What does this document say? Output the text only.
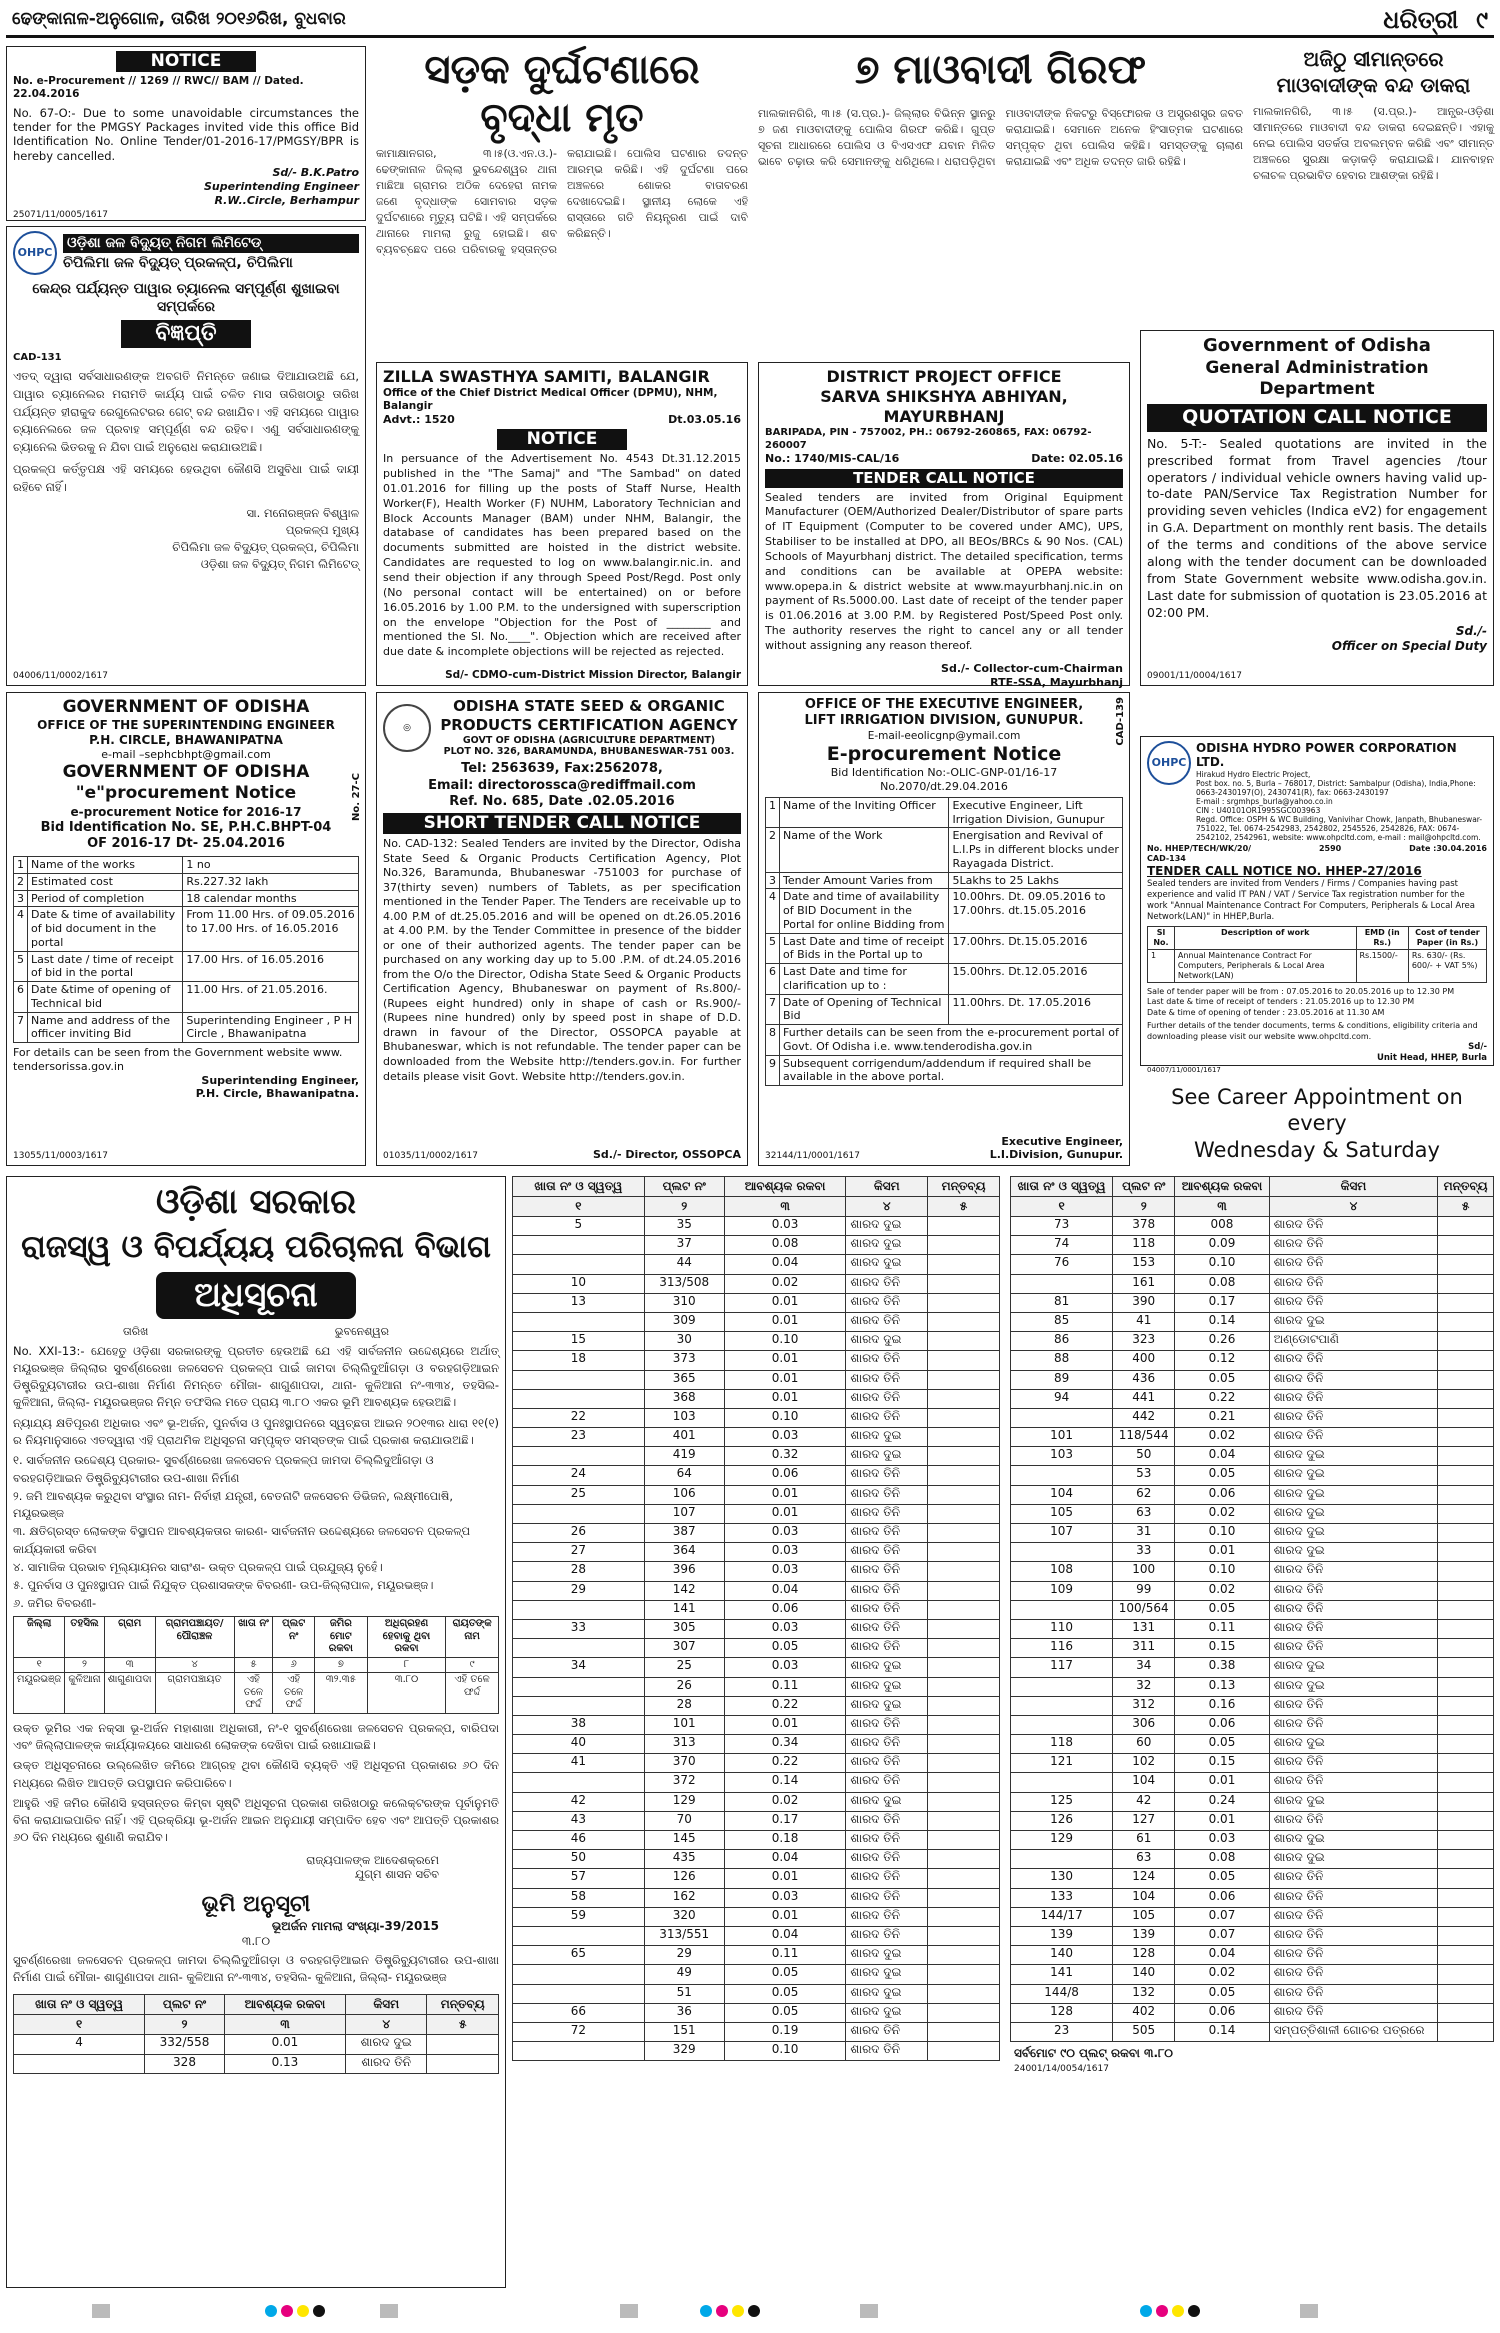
ଢେଙ୍କାନାଳ-ଅନୁଗୋଳ, ତାରିଖ ୨୦୧୬ରିଖ, ବୁଧବାର	ଧରିତ୍ରୀ ୯
NOTICE
No. e-Procurement // 1269 // RWC// BAM // Dated. 22.04.2016
No. 67-O:- Due to some unavoidable circumstances the tender for the PMGSY Packages invited vide this office Bid Identification No. Online Tender/01-2016-17/PMGSY/BPR is hereby cancelled.
Sd/- B.K.Patro
Superintending Engineer
R.W..Circle, Berhampur
25071/11/0005/1617
ସଡ଼କ ଦୁର୍ଘଟଣାରେ ବୃଦ୍ଧା ମୃତ
କାମାକ୍ଷାନଗର, ୩।୫(ଓ.ଏନ.ଓ.)- ଢେଙ୍କାନାଳ ଜିଲ୍ଲା ଭୁବନ୍ଦେଶ୍ୱର ଥାନା ମାଛିଆ ଗ୍ରାମର ଅଠିକ ଦେହେରା ନାମକ ଜଣେ ବୃଦ୍ଧାଙ୍କ ସୋମବାର ସଡ଼କ ଦୁର୍ଘଟଣାରେ ମୃତ୍ୟୁ ଘଟିଛି। ଏହି ସମ୍ପର୍କରେ ଥାନାରେ ମାମଲା ରୁଜୁ ହୋଇଛି। ଶବ ବ୍ୟବଚ୍ଛେଦ ପରେ ପରିବାରକୁ ହସ୍ତାନ୍ତର କରାଯାଇଛି। ପୋଲିସ ଘଟଣାର ତଦନ୍ତ ଆରମ୍ଭ କରିଛି। ଏହି ଦୁର୍ଘଟଣା ପରେ ଅଞ୍ଚଳରେ ଶୋକର ବାତାବରଣ ଦେଖାଦେଇଛି। ସ୍ଥାନୀୟ ଲୋକେ ଏହି ରାସ୍ତାରେ ଗତି ନିୟନ୍ତ୍ରଣ ପାଇଁ ଦାବି କରିଛନ୍ତି।
୭ ମାଓବାଦୀ ଗିରଫ
ମାଲକାନଗିରି, ୩।୫ (ସ.ପ୍ର.)- ଜିଲ୍ଲାର ବିଭିନ୍ନ ସ୍ଥାନରୁ ୭ ଜଣ ମାଓବାଦୀଙ୍କୁ ପୋଲିସ ଗିରଫ କରିଛି। ଗୁପ୍ତ ସୂଚନା ଆଧାରରେ ପୋଲିସ ଓ ବିଏସଏଫ ଯବାନ ମିଳିତ ଭାବେ ଚଢ଼ାଉ କରି ସେମାନଙ୍କୁ ଧରିଥିଲେ। ଧରାପଡ଼ିଥିବା ମାଓବାଦୀଙ୍କ ନିକଟରୁ ବିସ୍ଫୋରକ ଓ ଅସ୍ତ୍ରଶସ୍ତ୍ର ଜବତ କରାଯାଇଛି। ସେମାନେ ଅନେକ ହିଂସାତ୍ମକ ଘଟଣାରେ ସମ୍ପୃକ୍ତ ଥିବା ପୋଲିସ କହିଛି। ସମସ୍ତଙ୍କୁ ଚାଲାଣ କରାଯାଇଛି ଏବଂ ଅଧିକ ତଦନ୍ତ ଜାରି ରହିଛି।
ଅଜିଠୁ ସୀମାନ୍ତରେ ମାଓବାଦୀଙ୍କ ବନ୍ଦ ଡାକରା
ମାଲକାନଗିରି, ୩।୫ (ସ.ପ୍ର.)- ଆନ୍ଧ୍ର-ଓଡ଼ିଶା ସୀମାନ୍ତରେ ମାଓବାଦୀ ବନ୍ଦ ଡାକରା ଦେଇଛନ୍ତି। ଏହାକୁ ନେଇ ପୋଲିସ ସତର୍କତା ଅବଲମ୍ବନ କରିଛି ଏବଂ ସୀମାନ୍ତ ଅଞ୍ଚଳରେ ସୁରକ୍ଷା କଡ଼ାକଡ଼ି କରାଯାଇଛି। ଯାନବାହନ ଚଳାଚଳ ପ୍ରଭାବିତ ହେବାର ଆଶଙ୍କା ରହିଛି।
OHPC
ଓଡ଼ିଶା ଜଳ ବିଦ୍ୟୁତ୍ ନିଗମ ଲିମିଟେଡ୍
ଚିପିଲିମା ଜଳ ବିଦ୍ୟୁତ୍ ପ୍ରକଳ୍ପ, ଚିପିଲିମା
କେନ୍ଦ୍ର ପର୍ଯ୍ୟନ୍ତ ପାୱାର ଚ୍ୟାନେଲ ସମ୍ପୂର୍ଣ୍ଣ ଶୁଖାଇବା ସମ୍ପର୍କରେ
ବିଜ୍ଞପ୍ତି
CAD-131
ଏତଦ୍ ଦ୍ୱାରା ସର୍ବସାଧାରଣଙ୍କ ଅବଗତି ନିମନ୍ତେ ଜଣାଇ ଦିଆଯାଉଅଛି ଯେ, ପାୱାର ଚ୍ୟାନେଲର ମରାମତି କାର୍ଯ୍ୟ ପାଇଁ ଚଳିତ ମାସ ତାରିଖଠାରୁ ତାରିଖ ପର୍ଯ୍ୟନ୍ତ ହୀରାକୁଦ ରେଗୁଲେଟରର ଗେଟ୍ ବନ୍ଦ ରଖାଯିବ। ଏହି ସମୟରେ ପାୱାର ଚ୍ୟାନେଲରେ ଜଳ ପ୍ରବାହ ସମ୍ପୂର୍ଣ୍ଣ ବନ୍ଦ ରହିବ। ଏଣୁ ସର୍ବସାଧାରଣଙ୍କୁ ଚ୍ୟାନେଲ ଭିତରକୁ ନ ଯିବା ପାଇଁ ଅନୁରୋଧ କରାଯାଉଅଛି।
ପ୍ରକଳ୍ପ କର୍ତ୍ତୃପକ୍ଷ ଏହି ସମୟରେ ହେଉଥିବା କୌଣସି ଅସୁବିଧା ପାଇଁ ଦାୟୀ ରହିବେ ନାହିଁ।
ସା. ମନୋରଞ୍ଜନ ବିଶ୍ୱାଳ
ପ୍ରକଳ୍ପ ମୁଖ୍ୟ
ଚିପିଲିମା ଜଳ ବିଦ୍ୟୁତ୍ ପ୍ରକଳ୍ପ, ଚିପିଲିମା
ଓଡ଼ିଶା ଜଳ ବିଦ୍ୟୁତ୍ ନିଗମ ଲିମିଟେଡ୍
04006/11/0002/1617
ZILLA SWASTHYA SAMITI, BALANGIR
Office of the Chief District Medical Officer (DPMU), NHM, Balangir
Advt.: 1520	Dt.03.05.16
NOTICE
In persuance of the Advertisement No. 4543 Dt.31.12.2015 published in the "The Samaj" and "The Sambad" on dated 01.01.2016 for filling up the posts of Staff Nurse, Health Worker(F), Health Worker (F) NUHM, Laboratory Technician and Block Accounts Manager (BAM) under NHM, Balangir, the database of candidates has been prepared based on the documents submitted are hoisted in the district website. Candidates are requested to log on www.balangir.nic.in. and send their objection if any through Speed Post/Regd. Post only (No personal contact will be entertained) on or before 16.05.2016 by 1.00 P.M. to the undersigned with superscription on the envelope "Objection for the Post of ________ and mentioned the Sl. No.____". Objection which are received after due date & incomplete objections will be rejected as rejected.
Sd/- CDMO-cum-District Mission Director, Balangir
DISTRICT PROJECT OFFICE
SARVA SHIKSHYA ABHIYAN, MAYURBHANJ
BARIPADA, PIN - 757002, PH.: 06792-260865, FAX: 06792-260007
No.: 1740/MIS-CAL/16	Date: 02.05.16
TENDER CALL NOTICE
Sealed tenders are invited from Original Equipment Manufacturer (OEM/Authorized Dealer/Distributor of spare parts of IT Equipment (Computer to be covered under AMC), UPS, Stabiliser to be installed at DPO, all BEOs/BRCs & 90 Nos. (CAL) Schools of Mayurbhanj district. The detailed specification, terms and conditions can be available at OPEPA website: www.opepa.in & district website at www.mayurbhanj.nic.in on payment of Rs.5000.00. Last date of receipt of the tender paper is 01.06.2016 at 3.00 P.M. by Registered Post/Speed Post only. The authority reserves the right to cancel any or all tender without assigning any reason thereof.
Sd./- Collector-cum-Chairman
RTE-SSA, Mayurbhanj
Government of Odisha
General Administration Department
QUOTATION CALL NOTICE
No. 5-T:- Sealed quotations are invited in the prescribed format from Travel agencies /tour operators / individual vehicle owners having valid up-to-date PAN/Service Tax Registration Number for providing seven vehicles (Indica eV2) for engagement in G.A. Department on monthly rent basis. The details of the terms and conditions of the above service along with the tender document can be downloaded from State Government website www.odisha.gov.in. Last date for submission of quotation is 23.05.2016 at 02:00 PM.
Sd./-
Officer on Special Duty
09001/11/0004/1617
GOVERNMENT OF ODISHA
OFFICE OF THE SUPERINTENDING ENGINEER
P.H. CIRCLE, BHAWANIPATNA
e-mail –sephcbhpt@gmail.com
GOVERNMENT OF ODISHA
"e"procurement Notice
e-procurement Notice for 2016-17
Bid Identification No. SE, P.H.C.BHPT-04
OF 2016-17 Dt- 25.04.2016
1	Name of the works	1 no
2	Estimated cost	Rs.227.32 lakh
3	Period of completion	18 calendar months
4	Date & time of availability of bid document in the portal	From 11.00 Hrs. of 09.05.2016 to 17.00 Hrs. of 16.05.2016
5	Last date / time of receipt of bid in the portal	17.00 Hrs. of 16.05.2016
6	Date &time of opening of Technical bid	11.00 Hrs. of 21.05.2016.
7	Name and address of the officer inviting Bid	Superintending Engineer , P H Circle , Bhawanipatna
For details can be seen from the Government website www. tendersorissa.gov.in
Superintending Engineer,
P.H. Circle, Bhawanipatna.
13055/11/0003/1617
No. 27-C
◎
ODISHA STATE SEED & ORGANIC
PRODUCTS CERTIFICATION AGENCY
GOVT OF ODISHA (AGRICULTURE DEPARTMENT)
PLOT NO. 326, BARAMUNDA, BHUBANESWAR-751 003.
Tel: 2563639, Fax:2562078,
Email: directorossca@rediffmail.com
Ref. No. 685, Date .02.05.2016
SHORT TENDER CALL NOTICE
No. CAD-132: Sealed Tenders are invited by the Director, Odisha State Seed & Organic Products Certification Agency, Plot No.326, Baramunda, Bhubaneswar -751003 for purchase of 37(thirty seven) numbers of Tablets, as per specification mentioned in the Tender Paper. The Tenders are receivable up to 4.00 P.M of dt.25.05.2016 and will be opened on dt.26.05.2016 at 4.00 P.M. by the Tender Committee in presence of the bidder or one of their authorized agents. The tender paper can be purchased on any working day up to 5.00 .P.M. of dt.24.05.2016 from the O/o the Director, Odisha State Seed & Organic Products Certification Agency, Bhubaneswar on payment of Rs.800/- (Rupees eight hundred) only in shape of cash or Rs.900/- (Rupees nine hundred) only by speed post in shape of D.D. drawn in favour of the Director, OSSOPCA payable at Bhubaneswar, which is not refundable. The tender paper can be downloaded from the Website http://tenders.gov.in. For further details please visit Govt. Website http://tenders.gov.in.
01035/11/0002/1617	Sd./- Director, OSSOPCA
OFFICE OF THE EXECUTIVE ENGINEER,
LIFT IRRIGATION DIVISION, GUNUPUR.
E-mail-eeolicgnp@ymail.com
E-procurement Notice
Bid Identification No:-OLIC-GNP-01/16-17
No.2070/dt.29.04.2016
1	Name of the Inviting Officer	Executive Engineer, Lift Irrigation Division, Gunupur
2	Name of the Work	Energisation and Revival of L.I.Ps in different blocks under Rayagada District.
3	Tender Amount Varies from	5Lakhs to 25 Lakhs
4	Date and time of availability of BID Document in the Portal for online Bidding from	10.00hrs. Dt. 09.05.2016 to 17.00hrs. dt.15.05.2016
5	Last Date and time of receipt of Bids in the Portal up to	17.00hrs. Dt.15.05.2016
6	Last Date and time for clarification up to :	15.00hrs. Dt.12.05.2016
7	Date of Opening of Technical Bid	11.00hrs. Dt. 17.05.2016
8	Further details can be seen from the e-procurement portal of Govt. Of Odisha i.e. www.tenderodisha.gov.in	
9	Subsequent corrigendum/addendum if required shall be available in the above portal.	
32144/11/0001/1617
Executive Engineer,
L.I.Division, Gunupur.
CAD-139
OHPC
ODISHA HYDRO POWER CORPORATION LTD.
Hirakud Hydro Electric Project,
Post box. no. 5, Burla – 768017, District: Sambalpur (Odisha), India,Phone: 0663-2430197(O), 2430741(R), fax: 0663-2430197
E-mail : srgmhps_burla@yahoo.co.in
CIN : U40101OR1995SGC003963
Regd. Office: OSPH & WC Building, Vanivihar Chowk, Janpath, Bhubaneswar-751022, Tel. 0674-2542983, 2542802, 2545526, 2542826, FAX: 0674-2542102, 2542961, website: www.ohpcltd.com, e-mail : mail@ohpcltd.com.
No. HHEP/TECH/WK/20/	2590	Date :30.04.2016
CAD-134
TENDER CALL NOTICE NO. HHEP-27/2016
Sealed tenders are invited from Venders / Firms / Companies having past experience and valid IT PAN / VAT / Service Tax registration number for the work "Annual Maintenance Contract For Computers, Peripherals & Local Area Network(LAN)" in HHEP,Burla.
Sl No.	Description of work	EMD (in Rs.)	Cost of tender Paper (in Rs.)
1	Annual Maintenance Contract For Computers, Peripherals & Local Area Network(LAN)	Rs.1500/-	Rs. 630/- (Rs. 600/- + VAT 5%)
Sale of tender paper will be from : 07.05.2016 to 20.05.2016 up to 12.30 PM
Last date & time of receipt of tenders : 21.05.2016 up to 12.30 PM
Date & time of opening of tender : 23.05.2016 at 11.30 AM
Further details of the tender documents, terms & conditions, eligibility criteria and downloading please visit our website www.ohpcltd.com.
Sd/-
Unit Head, HHEP, Burla
04007/11/0001/1617
See Career Appointment on every
Wednesday & Saturday
ଓଡ଼ିଶା ସରକାର
ରାଜସ୍ୱ ଓ ବିପର୍ଯ୍ୟୟ ପରିଚାଳନା ବିଭାଗ
ଅଧିସୂଚନା
ତାରିଖ	ଭୁବନେଶ୍ୱର
No. XXI-13:- ଯେହେତୁ ଓଡ଼ିଶା ସରକାରଙ୍କୁ ପ୍ରତୀତ ହେଉଅଛି ଯେ ଏହି ସାର୍ବଜନୀନ ଉଦ୍ଦେଶ୍ୟରେ ଅର୍ଥାତ୍ ମୟୂରଭଞ୍ଜ ଜିଲ୍ଲାର ସୁବର୍ଣ୍ଣରେଖା ଜଳସେଚନ ପ୍ରକଳ୍ପ ପାଇଁ ଜାମଦା ଚିଲ୍ଲିଦୁଆଁଗଡ଼ା ଓ ବରହଗଡ଼ିଆଇନ ଡିଷ୍ଟ୍ରିବ୍ୟୁଟାରୀର ଉପ-ଶାଖା ନିର୍ମାଣ ନିମନ୍ତେ ମୌଜା- ଶାଗୁଣାପଦା, ଥାନା- କୁଳିଆନା ନଂ-୩୩୪, ତହସିଲ- କୁଳିଆନା, ଜିଲ୍ଲା- ମୟୂରଭଞ୍ଜର ନିମ୍ନ ତଫସିଲ ମତେ ପ୍ରାୟ ୩.୮୦ ଏକର ଭୂମି ଆବଶ୍ୟକ ହେଉଅଛି।
ନ୍ୟାଯ୍ୟ କ୍ଷତିପୂରଣ ଅଧିକାର ଏବଂ ଭୂ-ଅର୍ଜନ, ପୁନର୍ବାସ ଓ ପୁନଃସ୍ଥାପନରେ ସ୍ୱଚ୍ଛତା ଆଇନ ୨୦୧୩ର ଧାରା ୧୧(୧) ର ନିୟମାନୁସାରେ ଏତଦ୍ୱାରା ଏହି ପ୍ରାଥମିକ ଅଧିସୂଚନା ସମ୍ପୃକ୍ତ ସମସ୍ତଙ୍କ ପାଇଁ ପ୍ରକାଶ କରାଯାଉଅଛି।
୧. ସାର୍ବଜନୀନ ଉଦ୍ଦେଶ୍ୟ ପ୍ରକାର- ସୁବର୍ଣ୍ଣରେଖା ଜଳସେଚନ ପ୍ରକଳ୍ପ ଜାମଦା ଚିଲ୍ଲିଦୁଆଁଗଡ଼ା ଓ ବରହଗଡ଼ିଆଇନ ଡିଷ୍ଟ୍ରିବ୍ୟୁଟାରୀର ଉପ-ଶାଖା ନିର୍ମାଣ
୨. ଜମି ଆବଶ୍ୟକ କରୁଥିବା ସଂସ୍ଥାର ନାମ- ନିର୍ବାହୀ ଯନ୍ତ୍ରୀ, ବେତନାଟି ଜଳସେଚନ ଡିଭିଜନ, ଲକ୍ଷ୍ମୀପୋଷି, ମୟୂରଭଞ୍ଜ
୩. କ୍ଷତିଗ୍ରସ୍ତ ଲୋକଙ୍କ ବିସ୍ଥାପନ ଆବଶ୍ୟକତାର କାରଣ- ସାର୍ବଜନୀନ ଉଦ୍ଦେଶ୍ୟରେ ଜଳସେଚନ ପ୍ରକଳ୍ପ କାର୍ଯ୍ୟକାରୀ କରିବା
୪. ସାମାଜିକ ପ୍ରଭାବ ମୂଲ୍ୟାୟନର ସାରାଂଶ- ଉକ୍ତ ପ୍ରକଳ୍ପ ପାଇଁ ପ୍ରଯୁଜ୍ୟ ନୁହେଁ।
୫. ପୁନର୍ବାସ ଓ ପୁନଃସ୍ଥାପନ ପାଇଁ ନିଯୁକ୍ତ ପ୍ରଶାସକଙ୍କ ବିବରଣୀ- ଉପ-ଜିଲ୍ଲାପାଳ, ମୟୂରଭଞ୍ଜ।
୬. ଜମିର ବିବରଣୀ-
ଜିଲ୍ଲା	ତହସିଲ	ଗ୍ରାମ	ଗ୍ରାମପଞ୍ଚାୟତ/ ପୌରାଞ୍ଚଳ	ଖାତା ନଂ	ପ୍ଲଟ ନଂ	ଜମିର ମୋଟ ରକବା	ଅଧିଗ୍ରହଣ ହେବାକୁ ଥିବା ରକବା	ରାୟତଙ୍କ ନାମ
୧	୨	୩	୪	୫	୬	୭	୮	୯
ମୟୂରଭଞ୍ଜ	କୁଳିଆନା	ଶାଗୁଣାପଦା	ଗ୍ରାମପଞ୍ଚାୟତ	ଏହି ତଳେ ଫର୍ଦ୍ଦ	ଏହି ତଳେ ଫର୍ଦ୍ଦ	୩୨.୩୫	୩.୮୦	ଏହି ତଳେ ଫର୍ଦ୍ଦ
ଉକ୍ତ ଭୂମିର ଏକ ନକ୍ସା ଭୂ-ଅର୍ଜନ ମହାଶାଖା ଅଧିକାରୀ, ନଂ-୧ ସୁବର୍ଣ୍ଣରେଖା ଜଳସେଚନ ପ୍ରକଳ୍ପ, ବାରିପଦା ଏବଂ ଜିଲ୍ଲାପାଳଙ୍କ କାର୍ଯ୍ୟାଳୟରେ ସାଧାରଣ ଲୋକଙ୍କ ଦେଖିବା ପାଇଁ ରଖାଯାଇଛି।
ଉକ୍ତ ଅଧିସୂଚନାରେ ଉଲ୍ଲେଖିତ ଜମିରେ ଆଗ୍ରହ ଥିବା କୌଣସି ବ୍ୟକ୍ତି ଏହି ଅଧିସୂଚନା ପ୍ରକାଶର ୬୦ ଦିନ ମଧ୍ୟରେ ଲିଖିତ ଆପତ୍ତି ଉପସ୍ଥାପନ କରିପାରିବେ।
ଆହୁରି ଏହି ଜମିର କୌଣସି ହସ୍ତାନ୍ତର କିମ୍ବା ସୃଷ୍ଟି ଅଧିସୂଚନା ପ୍ରକାଶ ତାରିଖଠାରୁ କଲେକ୍ଟରଙ୍କ ପୂର୍ବାନୁମତି ବିନା କରାଯାଇପାରିବ ନାହିଁ। ଏହି ପ୍ରକ୍ରିୟା ଭୂ-ଅର୍ଜନ ଆଇନ ଅନୁଯାୟୀ ସମ୍ପାଦିତ ହେବ ଏବଂ ଆପତ୍ତି ପ୍ରକାଶର ୬୦ ଦିନ ମଧ୍ୟରେ ଶୁଣାଣି କରାଯିବ।
ରାଜ୍ୟପାଳଙ୍କ ଆଦେଶକ୍ରମେ
ଯୁଗ୍ମ ଶାସନ ସଚିବ
ଭୂମି ଅନୁସୂଚୀ
ଭୂଅର୍ଜନ ମାମଲା ସଂଖ୍ୟା-39/2015
୩.୮୦
ସୁବର୍ଣ୍ଣରେଖା ଜଳସେଚନ ପ୍ରକଳ୍ପ ଜାମଦା ଚିଲ୍ଲିଦୁଆଁଗଡ଼ା ଓ ବରହଗଡ଼ିଆଇନ ଡିଷ୍ଟ୍ରିବ୍ୟୁଟାରୀର ଉପ-ଶାଖା ନିର୍ମାଣ ପାଇଁ ମୌଜା- ଶାଗୁଣାପଦା ଥାନା- କୁଳିଆନା ନଂ-୩୩୪, ତହସିଲ- କୁଳିଆନା, ଜିଲ୍ଲା- ମୟୂରଭଞ୍ଜ
ଖାତା ନଂ ଓ ସ୍ୱତ୍ୱ	ପ୍ଲଟ ନଂ	ଆବଶ୍ୟକ ରକବା	କିସମ	ମନ୍ତବ୍ୟ
୧	୨	୩	୪	୫
4	332/558	0.01	ଶାରଦ ଦୁଇ	
	328	0.13	ଶାରଦ ତିନି	
ଖାତା ନଂ ଓ ସ୍ୱତ୍ୱ	ପ୍ଲଟ ନଂ	ଆବଶ୍ୟକ ରକବା	କିସମ	ମନ୍ତବ୍ୟ
୧	୨	୩	୪	୫
5	35	0.03	ଶାରଦ ଦୁଇ	
	37	0.08	ଶାରଦ ଦୁଇ	
	44	0.04	ଶାରଦ ଦୁଇ	
10	313/508	0.02	ଶାରଦ ତିନି	
13	310	0.01	ଶାରଦ ତିନି	
	309	0.01	ଶାରଦ ତିନି	
15	30	0.10	ଶାରଦ ଦୁଇ	
18	373	0.01	ଶାରଦ ତିନି	
	365	0.01	ଶାରଦ ତିନି	
	368	0.01	ଶାରଦ ତିନି	
22	103	0.10	ଶାରଦ ତିନି	
23	401	0.03	ଶାରଦ ଦୁଇ	
	419	0.32	ଶାରଦ ଦୁଇ	
24	64	0.06	ଶାରଦ ତିନି	
25	106	0.01	ଶାରଦ ତିନି	
	107	0.01	ଶାରଦ ତିନି	
26	387	0.03	ଶାରଦ ତିନି	
27	364	0.03	ଶାରଦ ତିନି	
28	396	0.03	ଶାରଦ ତିନି	
29	142	0.04	ଶାରଦ ତିନି	
	141	0.06	ଶାରଦ ତିନି	
33	305	0.03	ଶାରଦ ତିନି	
	307	0.05	ଶାରଦ ତିନି	
34	25	0.03	ଶାରଦ ଦୁଇ	
	26	0.11	ଶାରଦ ଦୁଇ	
	28	0.22	ଶାରଦ ଦୁଇ	
38	101	0.01	ଶାରଦ ତିନି	
40	313	0.34	ଶାରଦ ତିନି	
41	370	0.22	ଶାରଦ ତିନି	
	372	0.14	ଶାରଦ ତିନି	
42	129	0.02	ଶାରଦ ଦୁଇ	
43	70	0.17	ଶାରଦ ତିନି	
46	145	0.18	ଶାରଦ ତିନି	
50	435	0.04	ଶାରଦ ତିନି	
57	126	0.01	ଶାରଦ ତିନି	
58	162	0.03	ଶାରଦ ତିନି	
59	320	0.01	ଶାରଦ ତିନି	
	313/551	0.04	ଶାରଦ ତିନି	
65	29	0.11	ଶାରଦ ଦୁଇ	
	49	0.05	ଶାରଦ ଦୁଇ	
	51	0.05	ଶାରଦ ଦୁଇ	
66	36	0.05	ଶାରଦ ଦୁଇ	
72	151	0.19	ଶାରଦ ତିନି	
	329	0.10	ଶାରଦ ତିନି	
ଖାତା ନଂ ଓ ସ୍ୱତ୍ୱ	ପ୍ଲଟ ନଂ	ଆବଶ୍ୟକ ରକବା	କିସମ	ମନ୍ତବ୍ୟ
୧	୨	୩	୪	୫
73	378	008	ଶାରଦ ତିନି	
74	118	0.09	ଶାରଦ ତିନି	
76	153	0.10	ଶାରଦ ତିନି	
	161	0.08	ଶାରଦ ତିନି	
81	390	0.17	ଶାରଦ ତିନି	
85	41	0.14	ଶାରଦ ଦୁଇ	
86	323	0.26	ଅଣ୍ଡୋଟପାଣି	
88	400	0.12	ଶାରଦ ତିନି	
89	436	0.05	ଶାରଦ ତିନି	
94	441	0.22	ଶାରଦ ତିନି	
	442	0.21	ଶାରଦ ତିନି	
101	118/544	0.02	ଶାରଦ ତିନି	
103	50	0.04	ଶାରଦ ଦୁଇ	
	53	0.05	ଶାରଦ ଦୁଇ	
104	62	0.06	ଶାରଦ ଦୁଇ	
105	63	0.02	ଶାରଦ ଦୁଇ	
107	31	0.10	ଶାରଦ ଦୁଇ	
	33	0.01	ଶାରଦ ଦୁଇ	
108	100	0.10	ଶାରଦ ତିନି	
109	99	0.02	ଶାରଦ ତିନି	
	100/564	0.05	ଶାରଦ ତିନି	
110	131	0.11	ଶାରଦ ତିନି	
116	311	0.15	ଶାରଦ ତିନି	
117	34	0.38	ଶାରଦ ଦୁଇ	
	32	0.13	ଶାରଦ ଦୁଇ	
	312	0.16	ଶାରଦ ତିନି	
	306	0.06	ଶାରଦ ତିନି	
118	60	0.05	ଶାରଦ ଦୁଇ	
121	102	0.15	ଶାରଦ ତିନି	
	104	0.01	ଶାରଦ ତିନି	
125	42	0.24	ଶାରଦ ଦୁଇ	
126	127	0.01	ଶାରଦ ତିନି	
129	61	0.03	ଶାରଦ ଦୁଇ	
	63	0.08	ଶାରଦ ଦୁଇ	
130	124	0.05	ଶାରଦ ତିନି	
133	104	0.06	ଶାରଦ ତିନି	
144/17	105	0.07	ଶାରଦ ତିନି	
139	139	0.07	ଶାରଦ ତିନି	
140	128	0.04	ଶାରଦ ତିନି	
141	140	0.02	ଶାରଦ ତିନି	
144/8	132	0.05	ଶାରଦ ତିନି	
128	402	0.06	ଶାରଦ ତିନି	
23	505	0.14	ସମ୍ପତ୍ତିଶାଳୀ ଗୋଚର ପତ୍ରରେ	
ସର୍ବମୋଟ ୯୦ ପ୍ଲଟ୍ ରକବା ୩.୮୦
24001/14/0054/1617
